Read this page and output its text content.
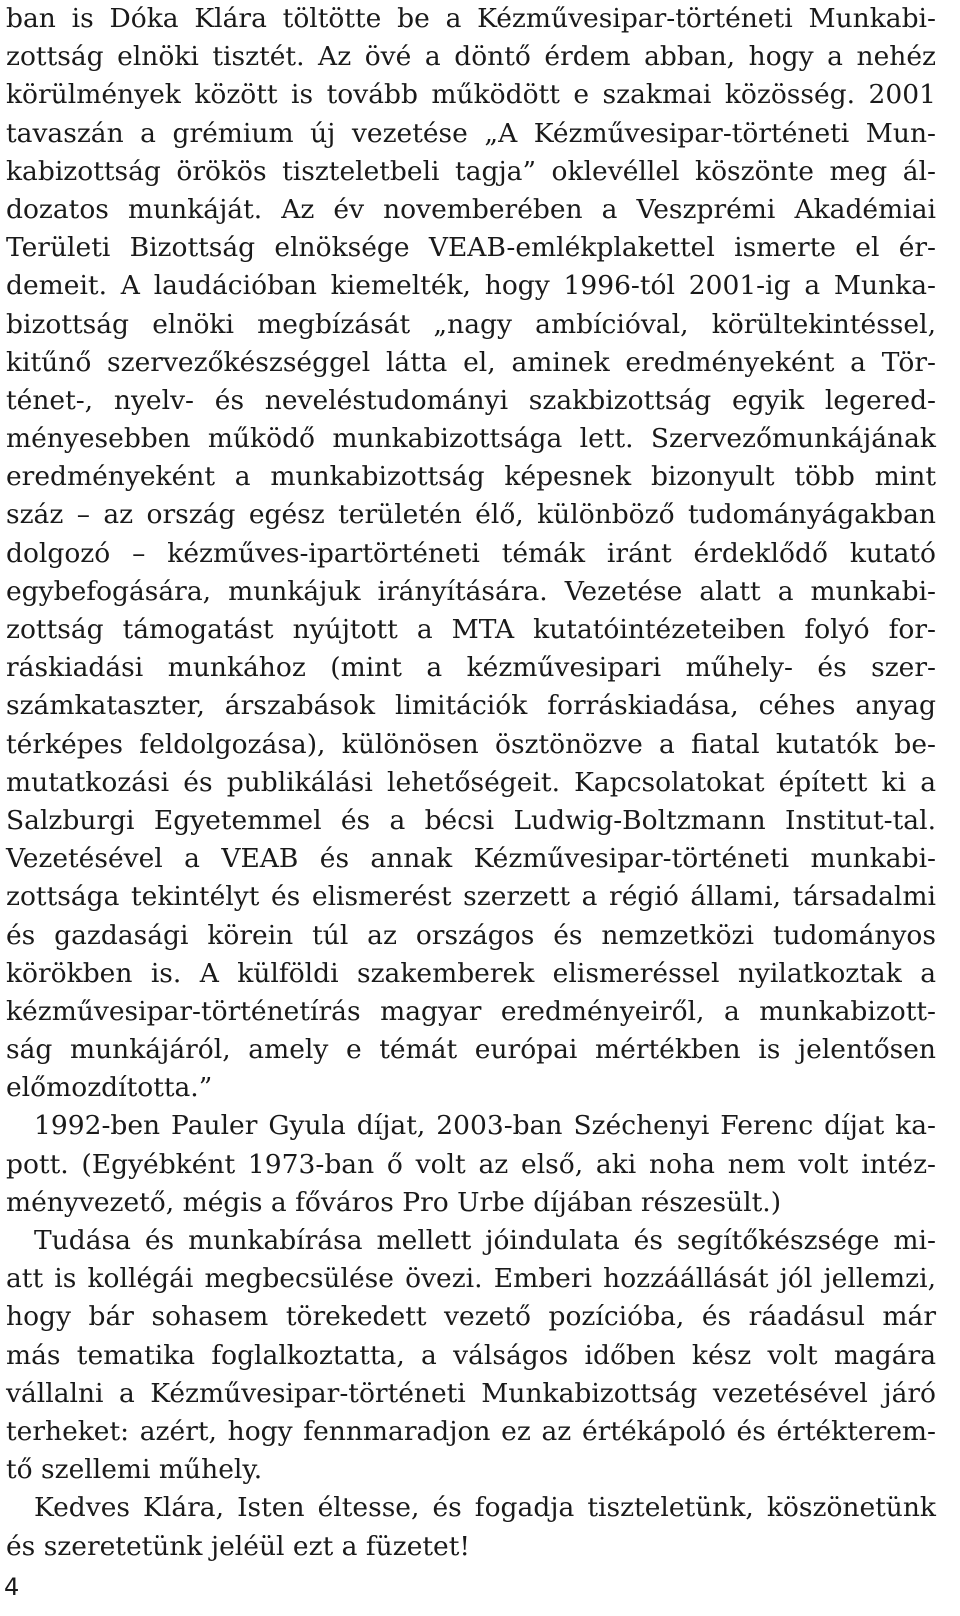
ban is Dóka Klára töltötte be a Kézművesipar-történeti Munkabi-
zottság elnöki tisztét. Az övé a döntő érdem abban, hogy a nehéz
körülmények között is tovább működött e szakmai közösség. 2001
tavaszán a grémium új vezetése „A Kézművesipar-történeti Mun-
kabizottság örökös tiszteletbeli tagja” oklevéllel köszönte meg ál-
dozatos munkáját. Az év novemberében a Veszprémi Akadémiai
Területi Bizottság elnöksége VEAB-emlékplakettel ismerte el ér-
demeit. A laudációban kiemelték, hogy 1996-tól 2001-ig a Munka-
bizottság elnöki megbízását „nagy ambícióval, körültekintéssel,
kitűnő szervezőkészséggel látta el, aminek eredményeként a Tör-
ténet-, nyelv- és neveléstudományi szakbizottság egyik legered-
ményesebben működő munkabizottsága lett. Szervezőmunkájának
eredményeként a munkabizottság képesnek bizonyult több mint
száz – az ország egész területén élő, különböző tudományágakban
dolgozó – kézműves-ipartörténeti témák iránt érdeklődő kutató
egybefogására, munkájuk irányítására. Vezetése alatt a munkabi-
zottság támogatást nyújtott a MTA kutatóintézeteiben folyó for-
ráskiadási munkához (mint a kézművesipari műhely- és szer-
számkataszter, árszabások limitációk forráskiadása, céhes anyag
térképes feldolgozása), különösen ösztönözve a fiatal kutatók be-
mutatkozási és publikálási lehetőségeit. Kapcsolatokat épített ki a
Salzburgi Egyetemmel és a bécsi Ludwig-Boltzmann Institut-tal.
Vezetésével a VEAB és annak Kézművesipar-történeti munkabi-
zottsága tekintélyt és elismerést szerzett a régió állami, társadalmi
és gazdasági körein túl az országos és nemzetközi tudományos
körökben is. A külföldi szakemberek elismeréssel nyilatkoztak a
kézművesipar-történetírás magyar eredményeiről, a munkabizott-
ság munkájáról, amely e témát európai mértékben is jelentősen
előmozdította.”
1992-ben Pauler Gyula díjat, 2003-ban Széchenyi Ferenc díjat ka-
pott. (Egyébként 1973-ban ő volt az első, aki noha nem volt intéz-
ményvezető, mégis a főváros Pro Urbe díjában részesült.)
Tudása és munkabírása mellett jóindulata és segítőkészsége mi-
att is kollégái megbecsülése övezi. Emberi hozzáállását jól jellemzi,
hogy bár sohasem törekedett vezető pozícióba, és ráadásul már
más tematika foglalkoztatta, a válságos időben kész volt magára
vállalni a Kézművesipar-történeti Munkabizottság vezetésével járó
terheket: azért, hogy fennmaradjon ez az értékápoló és értékterem-
tő szellemi műhely.
Kedves Klára, Isten éltesse, és fogadja tiszteletünk, köszönetünk
és szeretetünk jeléül ezt a füzetet!
4
